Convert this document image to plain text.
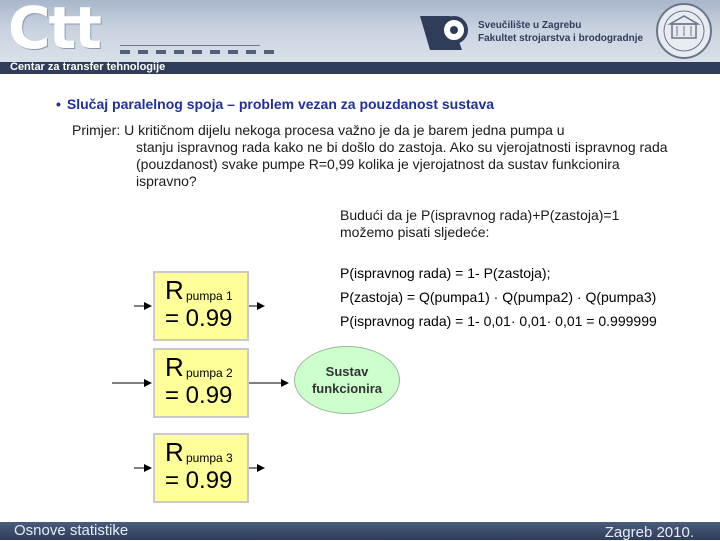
Ctt	Sveučilište u Zagrebu
Fakultet strojarstva i brodogradnje
Centar za transfer tehnologije
• Slučaj paralelnog spoja – problem vezan za pouzdanost sustava
Primjer: U kritičnom dijelu nekoga procesa važno je da je barem jedna pumpa u
stanju ispravnog rada kako ne bi došlo do zastoja. Ako su vjerojatnosti ispravnog rada (pouzdanost) svake pumpe R=0,99 kolika je vjerojatnost da sustav funkcionira ispravno?
Budući da je P(ispravnog rada)+P(zastoja)=1
možemo pisati sljedeće:
P(ispravnog rada) = 1- P(zastoja);
P(zastoja) = Q(pumpa1) · Q(pumpa2) · Q(pumpa3)
P(ispravnog rada) = 1- 0,01· 0,01· 0,01 = 0.999999
R pumpa 1
= 0.99
R pumpa 2
= 0.99
R pumpa 3
= 0.99
Sustav
funkcionira
Osnove statistike	Zagreb 2010.
